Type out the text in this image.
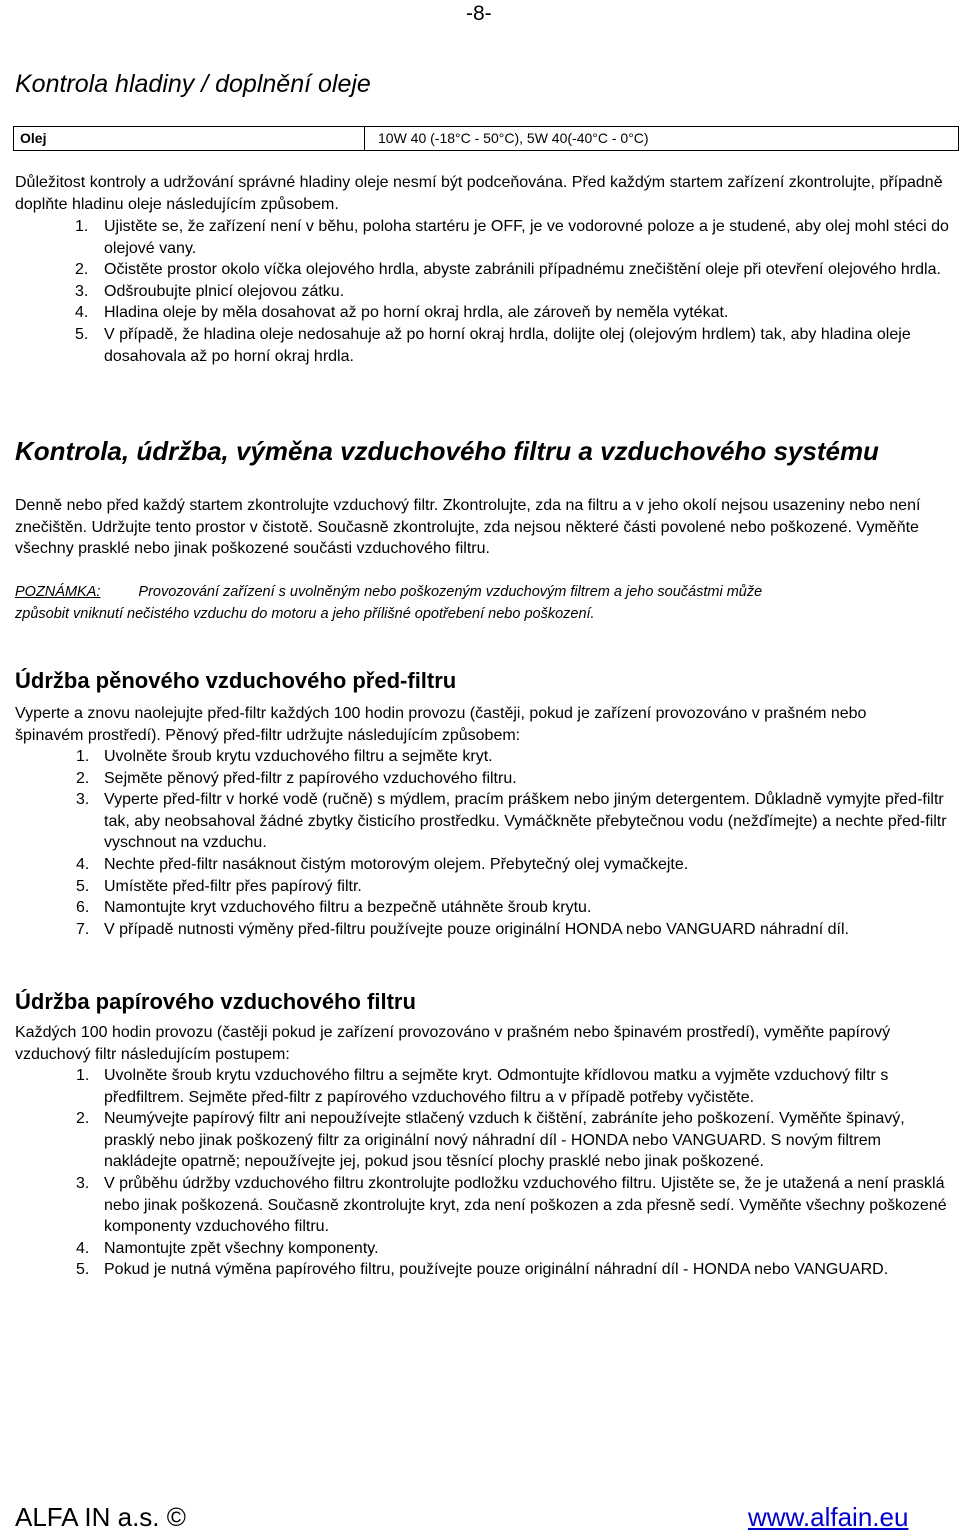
-8-
Kontrola hladiny / doplnění oleje
Olej	10W 40 (-18°C - 50°C), 5W 40(-40°C - 0°C)

Důležitost kontroly a udržování správné hladiny oleje nesmí být podceňována. Před každým startem zařízení zkontrolujte, případně doplňte hladinu oleje následujícím způsobem.

1. Ujistěte se, že zařízení není v běhu, poloha startéru je OFF, je ve vodorovné poloze a je studené, aby olej mohl stéci do olejové vany.
2. Očistěte prostor okolo víčka olejového hrdla, abyste zabránili případnému znečištění oleje při otevření olejového hrdla.
3. Odšroubujte plnicí olejovou zátku.
4. Hladina oleje by měla dosahovat až po horní okraj hrdla, ale zároveň by neměla vytékat.
5. V případě, že hladina oleje nedosahuje až po horní okraj hrdla, dolijte olej (olejovým hrdlem) tak, aby hladina oleje dosahovala až po horní okraj hrdla.
Kontrola, údržba, výměna vzduchového filtru a vzduchového systému

Denně nebo před každý startem zkontrolujte vzduchový filtr. Zkontrolujte, zda na filtru a v jeho okolí nejsou usazeniny nebo není znečištěn. Udržujte tento prostor v čistotě. Současně zkontrolujte, zda nejsou některé části povolené nebo poškozené. Vyměňte všechny prasklé nebo jinak poškozené součásti vzduchového filtru.

POZNÁMKA:	Provozování zařízení s uvolněným nebo poškozeným vzduchovým filtrem a jeho součástmi může

způsobit vniknutí nečistého vzduchu do motoru a jeho přílišné opotřebení nebo poškození.

Údržba pěnového vzduchového před-filtru

Vyperte a znovu naolejujte před-filtr každých 100 hodin provozu (častěji, pokud je zařízení provozováno v prašném nebo špinavém prostředí). Pěnový před-filtr udržujte následujícím způsobem:

1. Uvolněte šroub krytu vzduchového filtru a sejměte kryt.
2. Sejměte pěnový před-filtr z papírového vzduchového filtru.
3. Vyperte před-filtr v horké vodě (ručně) s mýdlem, pracím práškem nebo jiným detergentem. Důkladně vymyjte před-filtr tak, aby neobsahoval žádné zbytky čisticího prostředku. Vymáčkněte přebytečnou vodu (nežďímejte) a nechte před-filtr vyschnout na vzduchu.
4. Nechte před-filtr nasáknout čistým motorovým olejem. Přebytečný olej vymačkejte.
5. Umístěte před-filtr přes papírový filtr.
6. Namontujte kryt vzduchového filtru a bezpečně utáhněte šroub krytu.
7. V případě nutnosti výměny před-filtru používejte pouze originální HONDA nebo VANGUARD náhradní díl.
Údržba papírového vzduchového filtru

Každých 100 hodin provozu (častěji pokud je zařízení provozováno v prašném nebo špinavém prostředí), vyměňte papírový vzduchový filtr následujícím postupem:

1. Uvolněte šroub krytu vzduchového filtru a sejměte kryt. Odmontujte křídlovou matku a vyjměte vzduchový filtr s předfiltrem. Sejměte před-filtr z papírového vzduchového filtru a v případě potřeby vyčistěte.
2. Neumývejte papírový filtr ani nepoužívejte stlačený vzduch k čištění, zabráníte jeho poškození. Vyměňte špinavý, prasklý nebo jinak poškozený filtr za originální nový náhradní díl - HONDA nebo VANGUARD. S novým filtrem nakládejte opatrně; nepoužívejte jej, pokud jsou těsnící plochy prasklé nebo jinak poškozené.
3. V průběhu údržby vzduchového filtru zkontrolujte podložku vzduchového filtru. Ujistěte se, že je utažená a není prasklá nebo jinak poškozená. Současně zkontrolujte kryt, zda není poškozen a zda přesně sedí. Vyměňte všechny poškozené komponenty vzduchového filtru.
4. Namontujte zpět všechny komponenty.
5. Pokud je nutná výměna papírového filtru, používejte pouze originální náhradní díl - HONDA nebo VANGUARD.
ALFA IN a.s. ©	www.alfain.eu
